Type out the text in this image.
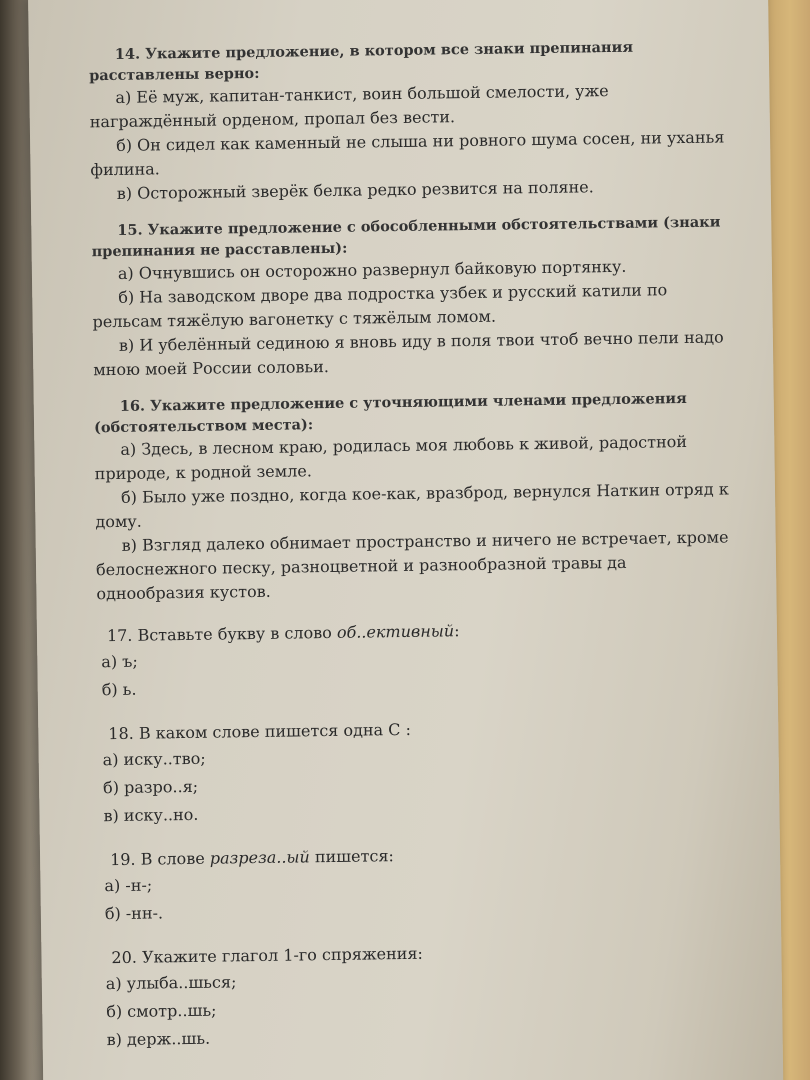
14. Укажите предложение, в котором все знаки препинания расставлены верно:
а) Её муж, капитан-танкист, воин большой смелости, уже награждённый орденом, пропал без вести.
б) Он сидел как каменный не слыша ни ровного шума сосен, ни уханья филина.
в) Осторожный зверёк белка редко резвится на поляне.
15. Укажите предложение с обособленными обстоятельствами (знаки препинания не расставлены):
а) Очнувшись он осторожно развернул байковую портянку.
б) На заводском дворе два подростка узбек и русский катили по рельсам тяжёлую вагонетку с тяжёлым ломом.
в) И убелённый сединою я вновь иду в поля твои чтоб вечно пели надо мною моей России соловьи.
16. Укажите предложение с уточняющими членами предложения (обстоятельством места):
а) Здесь, в лесном краю, родилась моя любовь к живой, радостной природе, к родной земле.
б) Было уже поздно, когда кое-как, вразброд, вернулся Наткин отряд к дому.
в) Взгляд далеко обнимает пространство и ничего не встречает, кроме белоснежного песку, разноцветной и разнообразной травы да однообразия кустов.
17. Вставьте букву в слово об..ективный:
а) ъ;
б) ь.
18. В каком слове пишется одна С :
а) иску..тво;
б) разро..я;
в) иску..но.
19. В слове разреза..ый пишется:
а) -н-;
б) -нн-.
20. Укажите глагол 1-го спряжения:
а) улыба..шься;
б) смотр..шь;
в) держ..шь.
